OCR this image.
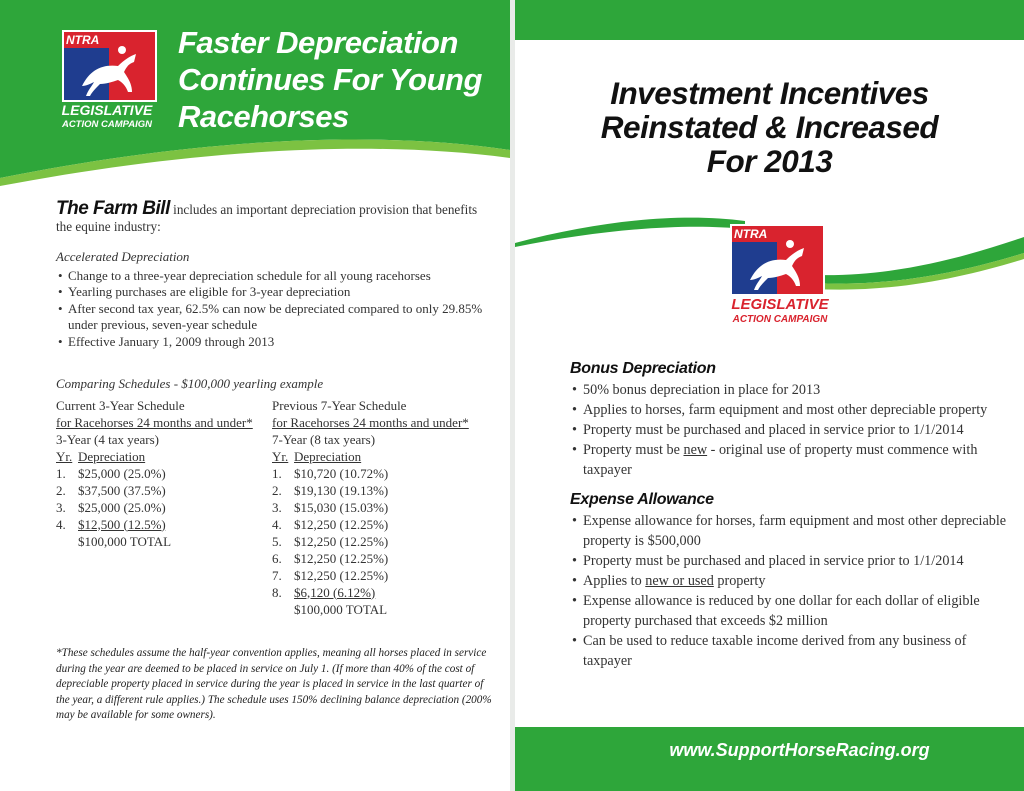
NTRA
LEGISLATIVE
ACTION CAMPAIGN
Faster Depreciation
Continues For Young
Racehorses

The Farm Bill includes an important depreciation provision that benefits the equine industry:

Accelerated Depreciation

• Change to a three-year depreciation schedule for all young racehorses
• Yearling purchases are eligible for 3-year depreciation
• After second tax year, 62.5% can now be depreciated compared to only 29.85% under previous, seven-year schedule
• Effective January 1, 2009 through 2013

Comparing Schedules - $100,000 yearling example

Current 3-Year Schedule
for Racehorses 24 months and under*
3-Year (4 tax years)
Yr. Depreciation
1. $25,000 (25.0%)
2. $37,500 (37.5%)
3. $25,000 (25.0%)
4. $12,500 (12.5%)
$100,000 TOTAL
Previous 7-Year Schedule
for Racehorses 24 months and under*
7-Year (8 tax years)
Yr. Depreciation
1. $10,720 (10.72%)
2. $19,130 (19.13%)
3. $15,030 (15.03%)
4. $12,250 (12.25%)
5. $12,250 (12.25%)
6. $12,250 (12.25%)
7. $12,250 (12.25%)
8. $6,120 (6.12%)
$100,000 TOTAL

*These schedules assume the half-year convention applies, meaning all horses placed in service during the year are deemed to be placed in service on July 1. (If more than 40% of the cost of depreciable property placed in service during the year is placed in service in the last quarter of the year, a different rule applies.) The schedule uses 150% declining balance depreciation (200% may be available for some owners).

Investment Incentives
Reinstated & Increased
For 2013
NTRA
LEGISLATIVE
ACTION CAMPAIGN
Bonus Depreciation
• 50% bonus depreciation in place for 2013
• Applies to horses, farm equipment and most other depreciable property
• Property must be purchased and placed in service prior to 1/1/2014
• Property must be new - original use of property must commence with taxpayer
Expense Allowance
• Expense allowance for horses, farm equipment and most other depreciable property is $500,000
• Property must be purchased and placed in service prior to 1/1/2014
• Applies to new or used property
• Expense allowance is reduced by one dollar for each dollar of eligible property purchased that exceeds $2 million
• Can be used to reduce taxable income derived from any business of taxpayer
www.SupportHorseRacing.org
